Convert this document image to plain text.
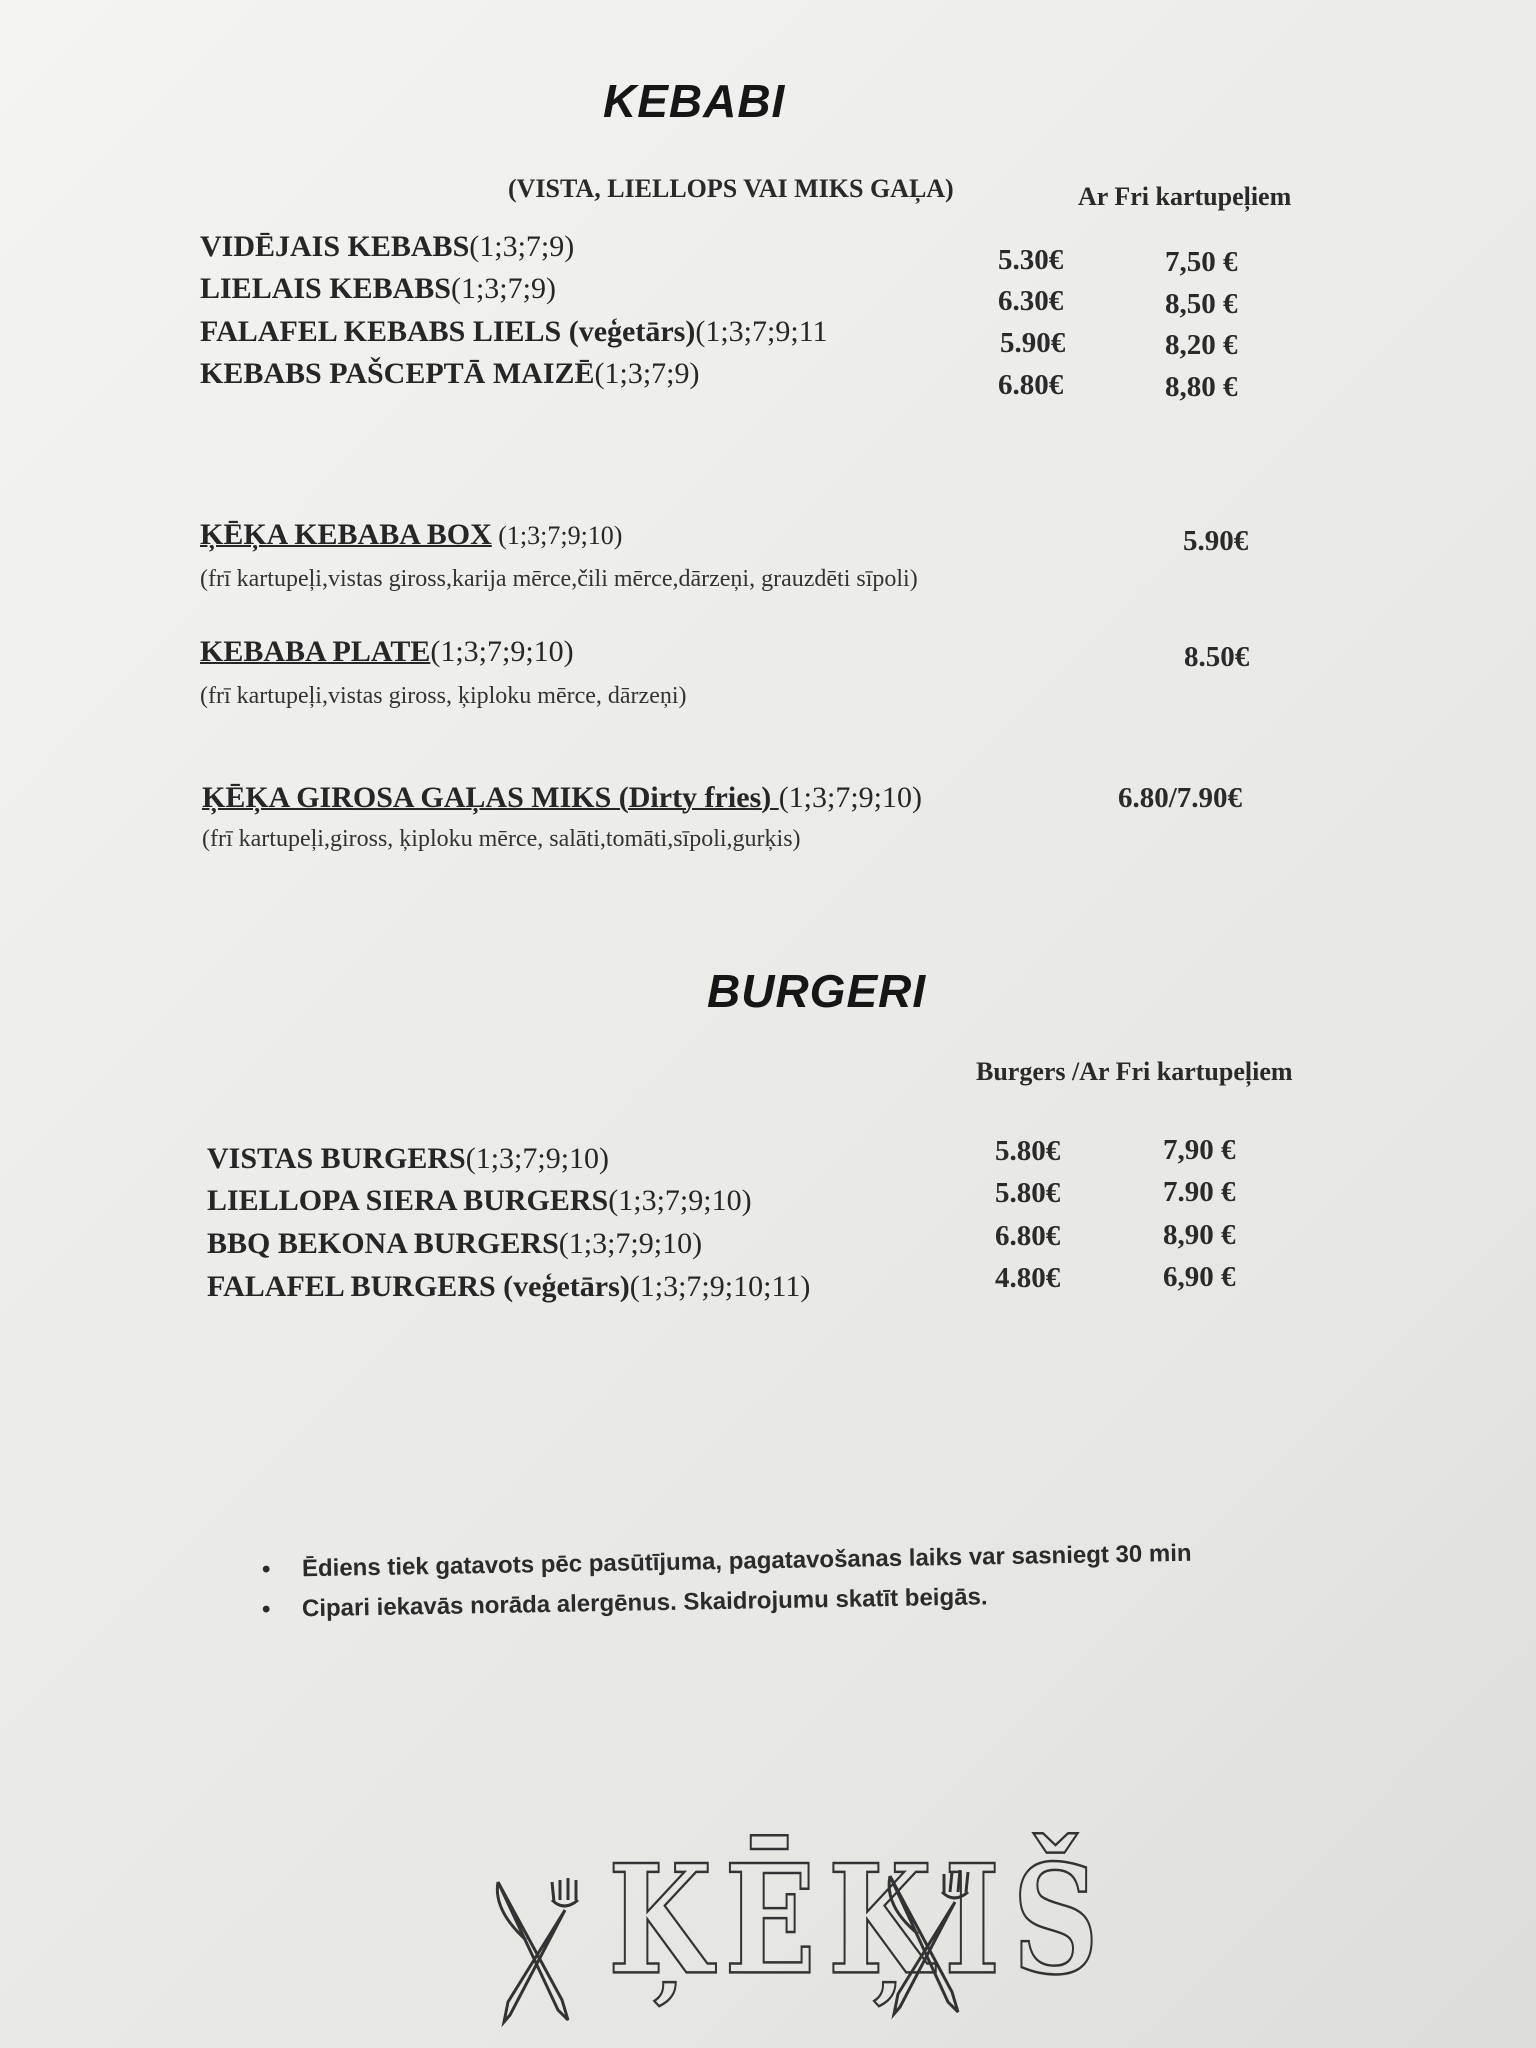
KEBABI
(VISTA, LIELLOPS VAI MIKS GAĻA)	Ar Fri kartupeļiem
VIDĒJAIS KEBABS(1;3;7;9)	5.30€	7,50 €
LIELAIS KEBABS(1;3;7;9)	6.30€	8,50 €
FALAFEL KEBABS LIELS (veģetārs)(1;3;7;9;11	5.90€	8,20 €
KEBABS PAŠCEPTĀ MAIZĒ(1;3;7;9)	6.80€	8,80 €
ĶĒĶA KEBABA BOX (1;3;7;9;10)	5.90€
(frī kartupeļi,vistas giross,karija mērce,čili mērce,dārzeņi, grauzdēti sīpoli)
KEBABA PLATE(1;3;7;9;10)	8.50€
(frī kartupeļi,vistas giross, ķiploku mērce, dārzeņi)
ĶĒĶA GIROSA GAĻAS MIKS (Dirty fries) (1;3;7;9;10)	6.80/7.90€
(frī kartupeļi,giross, ķiploku mērce, salāti,tomāti,sīpoli,gurķis)
BURGERI
Burgers /Ar Fri kartupeļiem
VISTAS BURGERS(1;3;7;9;10)	5.80€	7,90 €
LIELLOPA SIERA BURGERS(1;3;7;9;10)	5.80€	7.90 €
BBQ BEKONA BURGERS(1;3;7;9;10)	6.80€	8,90 €
FALAFEL BURGERS (veģetārs)(1;3;7;9;10;11)	4.80€	6,90 €
• Ēdiens tiek gatavots pēc pasūtījuma, pagatavošanas laiks var sasniegt 30 min
• Cipari iekavās norāda alergēnus. Skaidrojumu skatīt beigās.
ĶĒĶIŠ
